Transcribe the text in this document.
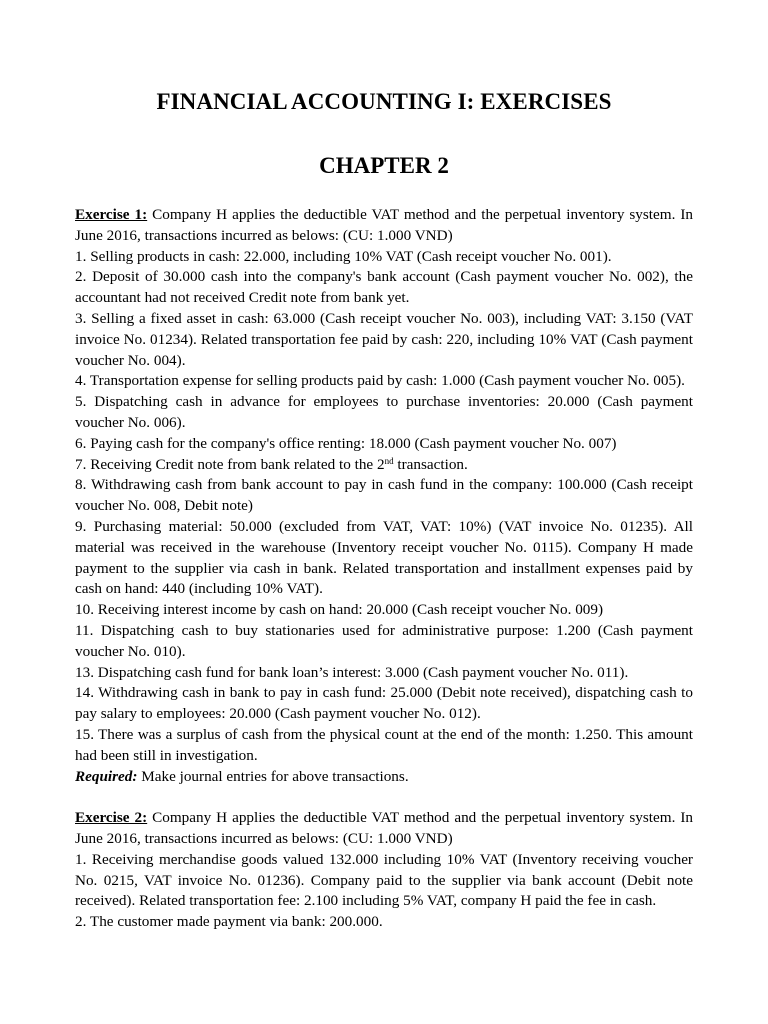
FINANCIAL ACCOUNTING I: EXERCISES
CHAPTER 2

Exercise 1: Company H applies the deductible VAT method and the perpetual inventory system. In June 2016, transactions incurred as belows: (CU: 1.000 VND)

1. Selling products in cash: 22.000, including 10% VAT (Cash receipt voucher No. 001).

2. Deposit of 30.000 cash into the company's bank account (Cash payment voucher No. 002), the accountant had not received Credit note from bank yet.

3. Selling a fixed asset in cash: 63.000 (Cash receipt voucher No. 003), including VAT: 3.150 (VAT invoice No. 01234). Related transportation fee paid by cash: 220, including 10% VAT (Cash payment voucher No. 004).

4. Transportation expense for selling products paid by cash: 1.000 (Cash payment voucher No. 005).

5. Dispatching cash in advance for employees to purchase inventories: 20.000 (Cash payment voucher No. 006).

6. Paying cash for the company's office renting: 18.000 (Cash payment voucher No. 007)

7. Receiving Credit note from bank related to the 2nd transaction.

8. Withdrawing cash from bank account to pay in cash fund in the company: 100.000 (Cash receipt voucher No. 008, Debit note)

9. Purchasing material: 50.000 (excluded from VAT, VAT: 10%) (VAT invoice No. 01235). All material was received in the warehouse (Inventory receipt voucher No. 0115). Company H made payment to the supplier via cash in bank. Related transportation and installment expenses paid by cash on hand: 440 (including 10% VAT).

10. Receiving interest income by cash on hand: 20.000 (Cash receipt voucher No. 009)

11. Dispatching cash to buy stationaries used for administrative purpose: 1.200 (Cash payment voucher No. 010).

13. Dispatching cash fund for bank loan’s interest: 3.000 (Cash payment voucher No. 011).

14. Withdrawing cash in bank to pay in cash fund: 25.000 (Debit note received), dispatching cash to pay salary to employees: 20.000 (Cash payment voucher No. 012).

15. There was a surplus of cash from the physical count at the end of the month: 1.250. This amount had been still in investigation.

Required: Make journal entries for above transactions.

Exercise 2: Company H applies the deductible VAT method and the perpetual inventory system. In June 2016, transactions incurred as belows: (CU: 1.000 VND)

1. Receiving merchandise goods valued 132.000 including 10% VAT (Inventory receiving voucher No. 0215, VAT invoice No. 01236). Company paid to the supplier via bank account (Debit note received). Related transportation fee: 2.100 including 5% VAT, company H paid the fee in cash.

2. The customer made payment via bank: 200.000.
